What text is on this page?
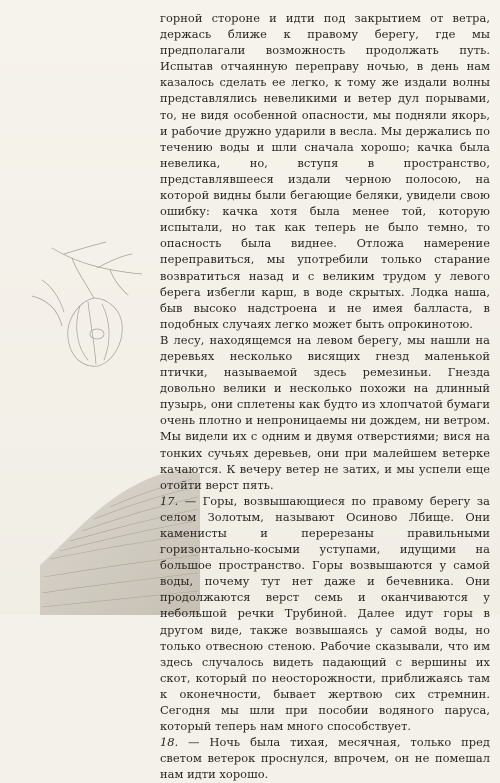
горной стороне и идти под закрытием от ветра, держась ближе к правому берегу, где мы предполагали возможность продолжать путь. Испытав отчаянную переправу ночью, в день нам казалось сделать ее легко, к тому же издали волны представлялись невеликими и ветер дул порывами, то, не видя особенной опасности, мы подняли якорь, и рабочие дружно ударили в весла. Мы держались по течению воды и шли сначала хорошо; качка была невелика, но, вступя в пространство, представлявшееся издали черною полосою, на которой видны были бегающие беляки, увидели свою ошибку: качка хотя была менее той, которую испытали, но так как теперь не было темно, то опасность была виднее. Отложа намерение переправиться, мы употребили только старание возвратиться назад и с великим трудом у левого берега избегли карш, в воде скрытых. Лодка наша, быв высоко надстроена и не имея балласта, в подобных случаях легко может быть опрокинотою.

В лесу, находящемся на левом берегу, мы нашли на деревьях несколько висящих гнезд маленькой птички, называемой здесь ремезиньи. Гнезда довольно велики и несколько похожи на длинный пузырь, они сплетены как будто из хлопчатой бумаги очень плотно и непроницаемы ни дождем, ни ветром. Мы видели их с одним и двумя отверстиями; вися на тонких сучьях деревьев, они при малейшем ветерке качаются. К вечеру ветер не затих, и мы успели еще отойти верст пять.

17. — Горы, возвышающиеся по правому берегу за селом Золотым, называют Осиново Лбище. Они каменисты и перерезаны правильными горизонтально-косыми уступами, идущими на большое пространство. Горы возвышаются у самой воды, почему тут нет даже и бечевника. Они продолжаются верст семь и оканчиваются у небольшой речки Трубиной. Далее идут горы в другом виде, также возвышаясь у самой воды, но только отвесною стеною. Рабочие сказывали, что им здесь случалось видеть падающий с вершины их скот, который по неосторожности, приближаясь там к оконечности, бывает жертвою сих стремнин. Сегодня мы шли при пособии водяного паруса, который теперь нам много способствует.

18. — Ночь была тихая, месячная, только пред светом ветерок проснулся, впрочем, он не помешал нам идти хорошо.
